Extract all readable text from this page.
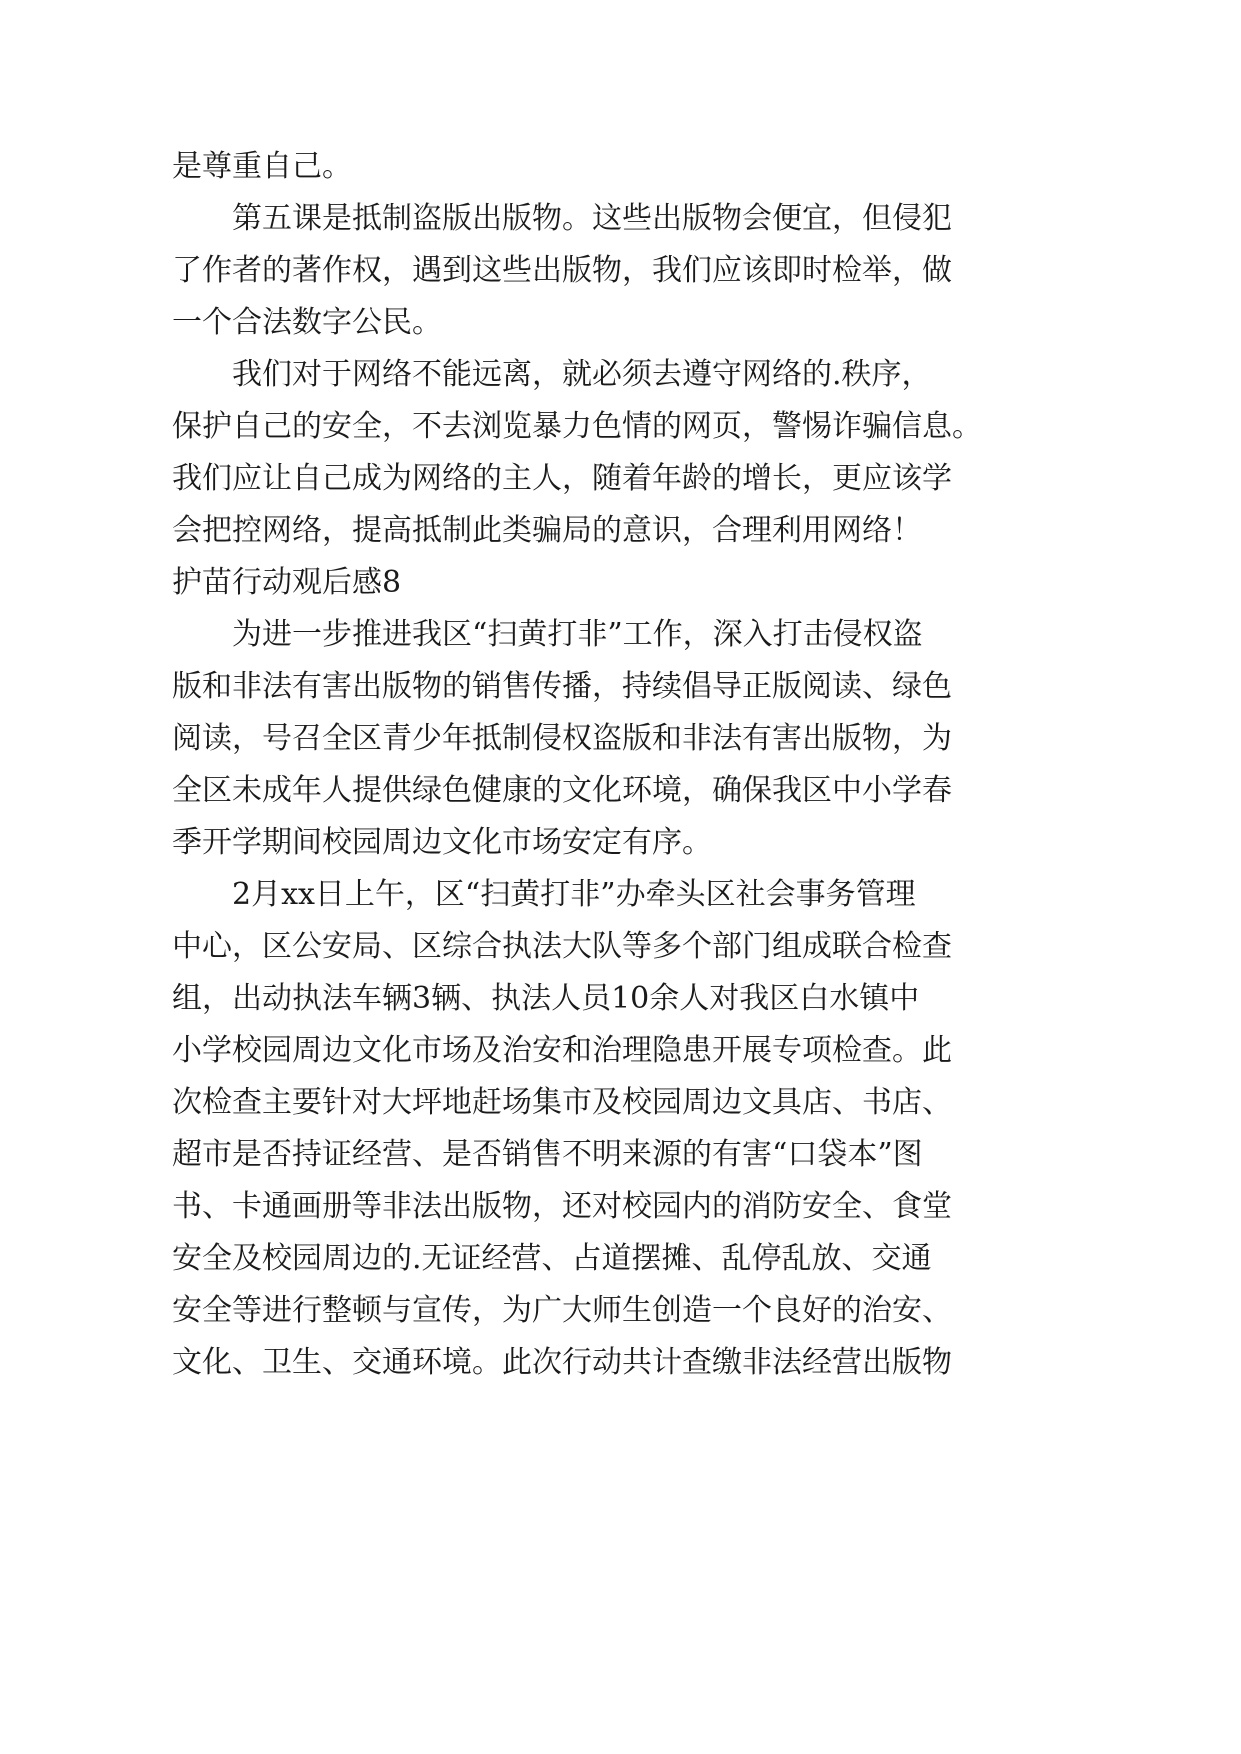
是尊重自己。
第五课是抵制盗版出版物。这些出版物会便宜，但侵犯
了作者的著作权，遇到这些出版物，我们应该即时检举，做
一个合法数字公民。
我们对于网络不能远离，就必须去遵守网络的.秩序，
保护自己的安全，不去浏览暴力色情的网页，警惕诈骗信息。
我们应让自己成为网络的主人，随着年龄的增长，更应该学
会把控网络，提高抵制此类骗局的意识，合理利用网络！
护苗行动观后感8
为进一步推进我区“扫黄打非”工作，深入打击侵权盗
版和非法有害出版物的销售传播，持续倡导正版阅读、绿色
阅读，号召全区青少年抵制侵权盗版和非法有害出版物，为
全区未成年人提供绿色健康的文化环境，确保我区中小学春
季开学期间校园周边文化市场安定有序。
2月xx日上午，区“扫黄打非”办牵头区社会事务管理
中心，区公安局、区综合执法大队等多个部门组成联合检查
组，出动执法车辆3辆、执法人员10余人对我区白水镇中
小学校园周边文化市场及治安和治理隐患开展专项检查。此
次检查主要针对大坪地赶场集市及校园周边文具店、书店、
超市是否持证经营、是否销售不明来源的有害“口袋本”图
书、卡通画册等非法出版物，还对校园内的消防安全、食堂
安全及校园周边的.无证经营、占道摆摊、乱停乱放、交通
安全等进行整顿与宣传，为广大师生创造一个良好的治安、
文化、卫生、交通环境。此次行动共计查缴非法经营出版物
